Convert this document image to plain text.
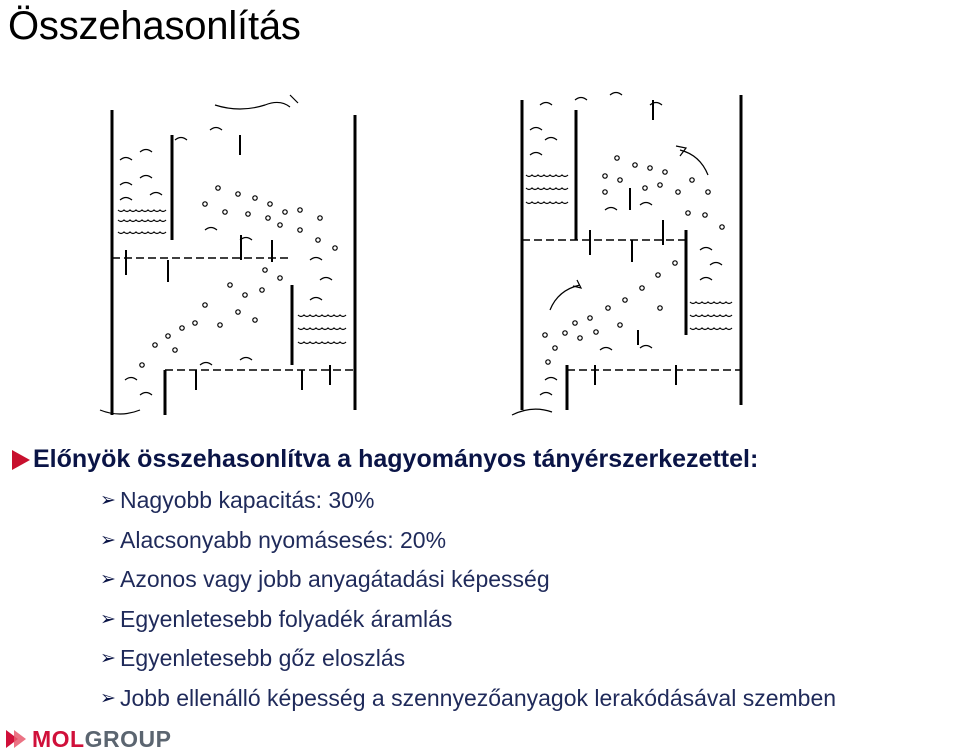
Összehasonlítás
Előnyök összehasonlítva a hagyományos tányérszerkezettel:
➢ Nagyobb kapacitás: 30%
➢ Alacsonyabb nyomásesés: 20%
➢ Azonos vagy jobb anyagátadási képesség
➢ Egyenletesebb folyadék áramlás
➢ Egyenletesebb gőz eloszlás
➢ Jobb ellenálló képesség a szennyezőanyagok lerakódásával szemben
MOL GROUP
